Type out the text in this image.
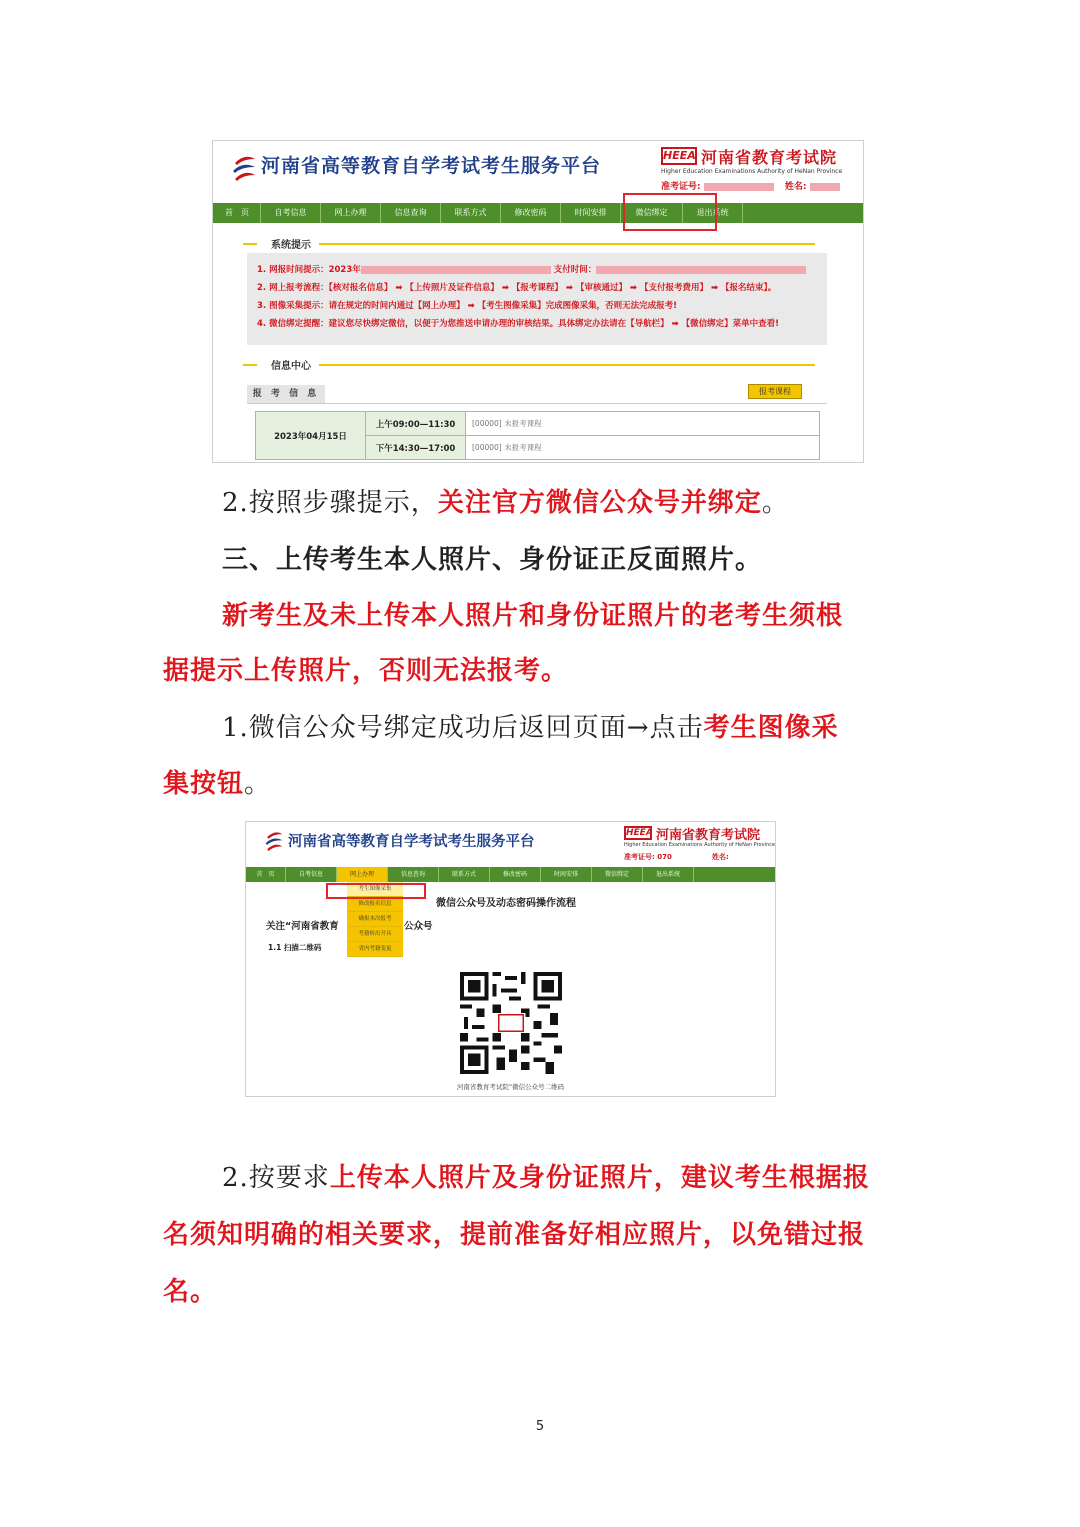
河南省高等教育自学考试考生服务平台	HEEA 河南省教育考试院
Higher Education Examinations Authority of HeNan Province
准考证号:	姓名:
首　页	自考信息	网上办理	信息查询	联系方式	修改密码	时间安排	微信绑定	退出系统
系统提示
1. 网报时间提示：2023年	支付时间：
2. 网上报考流程：【核对报名信息】 ➡ 【上传照片及证件信息】 ➡ 【报考课程】 ➡ 【审核通过】 ➡ 【支付报考费用】 ➡ 【报名结束】。
3. 图像采集提示：请在规定的时间内通过【网上办理】 ➡ 【考生图像采集】完成图像采集，否则无法完成报考!
4. 微信绑定提醒：建议您尽快绑定微信，以便于为您推送申请办理的审核结果。具体绑定办法请在【导航栏】 ➡ 【微信绑定】菜单中查看!
信息中心
报 考 信 息	报考课程
2023年04月15日	上午09:00—11:30	[00000] 未报考课程
	下午14:30—17:00	[00000] 未报考课程
2.按照步骤提示，关注官方微信公众号并绑定。
三、上传考生本人照片、身份证正反面照片。
新考生及未上传本人照片和身份证照片的老考生须根
据提示上传照片，否则无法报考。
1.微信公众号绑定成功后返回页面→点击考生图像采
集按钮。
河南省高等教育自学考试考生服务平台
HEEA 河南省教育考试院
Higher Education Examinations Authority of HeNan Province
准考证号: 070	姓名:
首　页	自考信息	网上办理	信息查询	联系方式	修改密码	时间安排	微信绑定	退出系统
考生图像采集
修改报名信息
确报本次报考
考籍转出开具
省内考籍变更
微信公众号及动态密码操作流程
关注“河南省教育	公众号
1.1 扫描二维码
河南省教育考试院”微信公众号二维码
2.按要求上传本人照片及身份证照片，建议考生根据报
名须知明确的相关要求，提前准备好相应照片，以免错过报
名。
5
